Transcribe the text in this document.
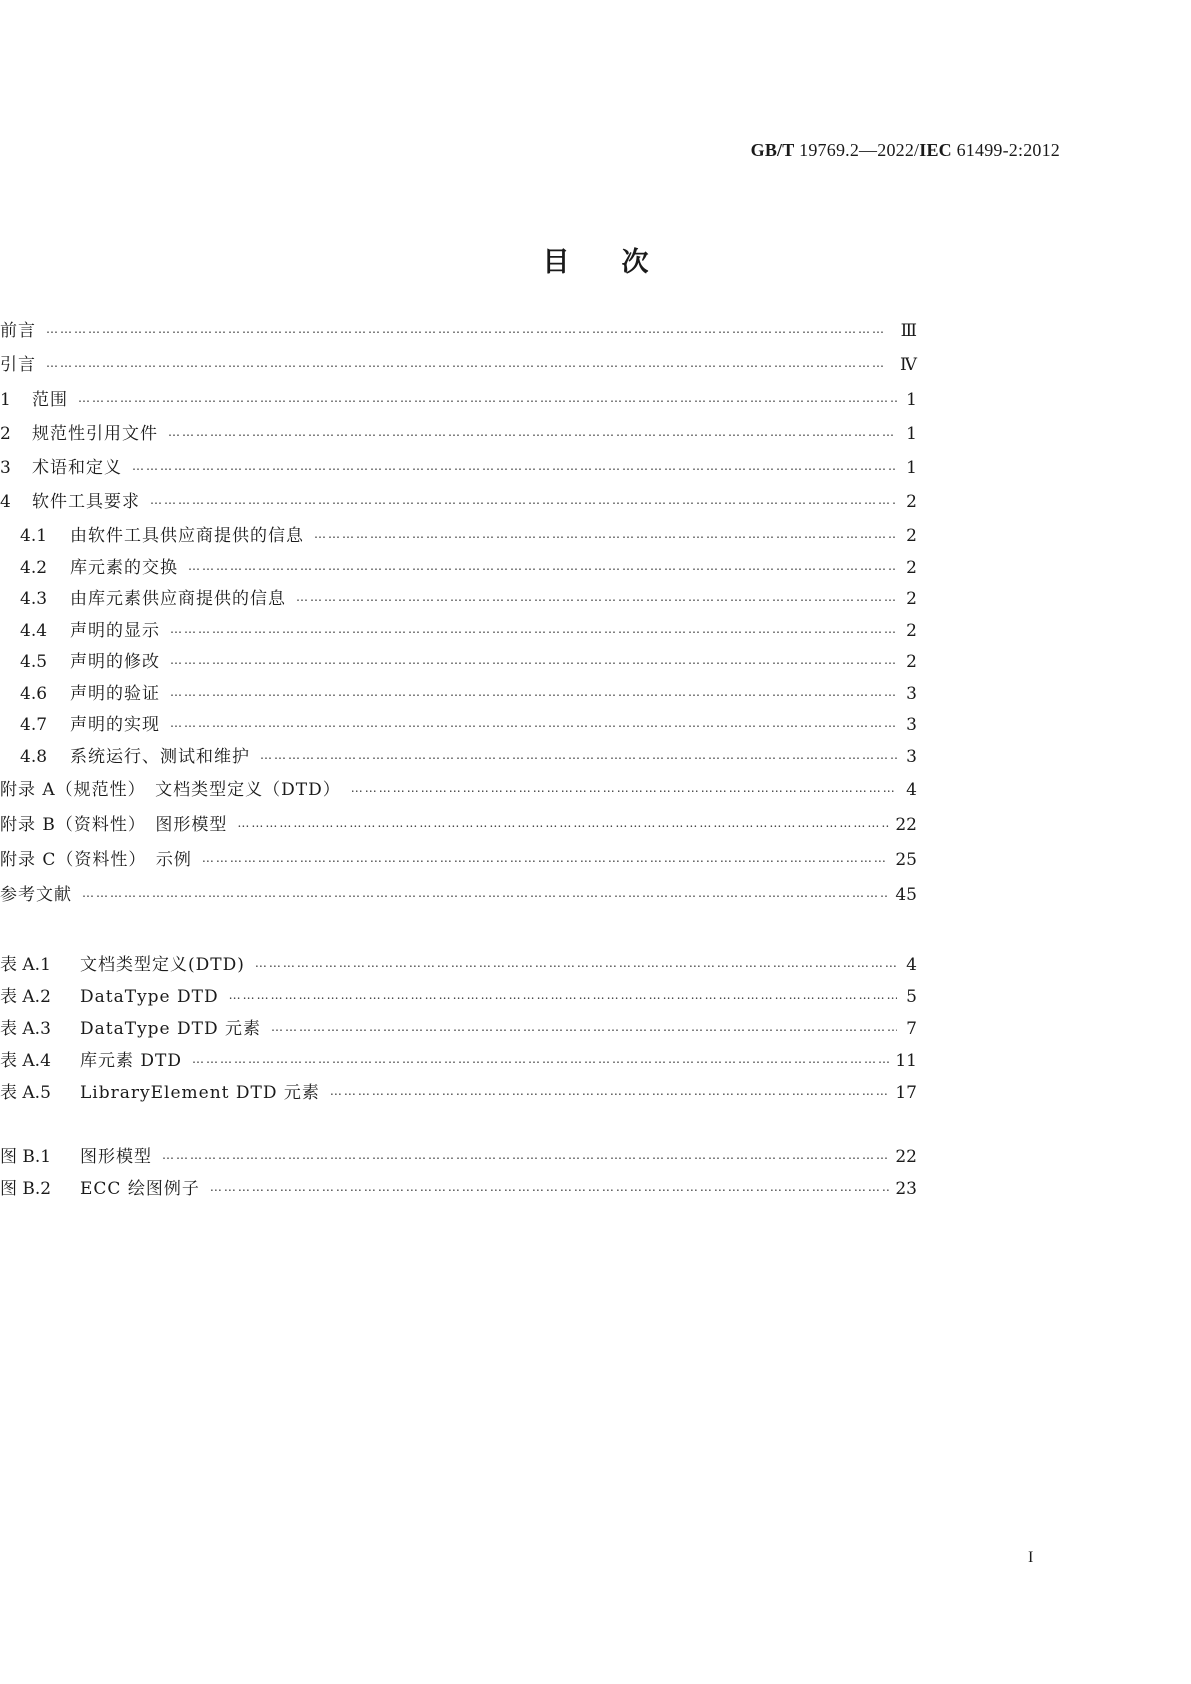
GB/T 19769.2—2022/IEC 61499-2:2012
目次
前言 ………………………………………………………………………………………………………………………………………………………………	Ⅲ
引言 ………………………………………………………………………………………………………………………………………………………………	Ⅳ
1	范围 ………………………………………………………………………………………………………………………………………………………………	1
2	规范性引用文件 ………………………………………………………………………………………………………………………………………………………………	1
3	术语和定义 ………………………………………………………………………………………………………………………………………………………………	1
4	软件工具要求 ………………………………………………………………………………………………………………………………………………………………	2
4.1	由软件工具供应商提供的信息 ………………………………………………………………………………………………………………………………………………………………	2
4.2	库元素的交换 ………………………………………………………………………………………………………………………………………………………………	2
4.3	由库元素供应商提供的信息 ………………………………………………………………………………………………………………………………………………………………	2
4.4	声明的显示 ………………………………………………………………………………………………………………………………………………………………	2
4.5	声明的修改 ………………………………………………………………………………………………………………………………………………………………	2
4.6	声明的验证 ………………………………………………………………………………………………………………………………………………………………	3
4.7	声明的实现 ………………………………………………………………………………………………………………………………………………………………	3
4.8	系统运行、测试和维护 ………………………………………………………………………………………………………………………………………………………………	3
附录 A（规范性）　文档类型定义（DTD） ………………………………………………………………………………………………………………………………………………………………	4
附录 B（资料性）　图形模型 ………………………………………………………………………………………………………………………………………………………………	22
附录 C（资料性）　示例 ………………………………………………………………………………………………………………………………………………………………	25
参考文献 ………………………………………………………………………………………………………………………………………………………………	45
表 A.1	文档类型定义(DTD) ………………………………………………………………………………………………………………………………………………………………	4
表 A.2	DataType DTD ………………………………………………………………………………………………………………………………………………………………	5
表 A.3	DataType DTD 元素 ………………………………………………………………………………………………………………………………………………………………	7
表 A.4	库元素 DTD ………………………………………………………………………………………………………………………………………………………………	11
表 A.5	LibraryElement DTD 元素 ………………………………………………………………………………………………………………………………………………………………	17
图 B.1	图形模型 ………………………………………………………………………………………………………………………………………………………………	22
图 B.2	ECC 绘图例子 ………………………………………………………………………………………………………………………………………………………………	23
I
